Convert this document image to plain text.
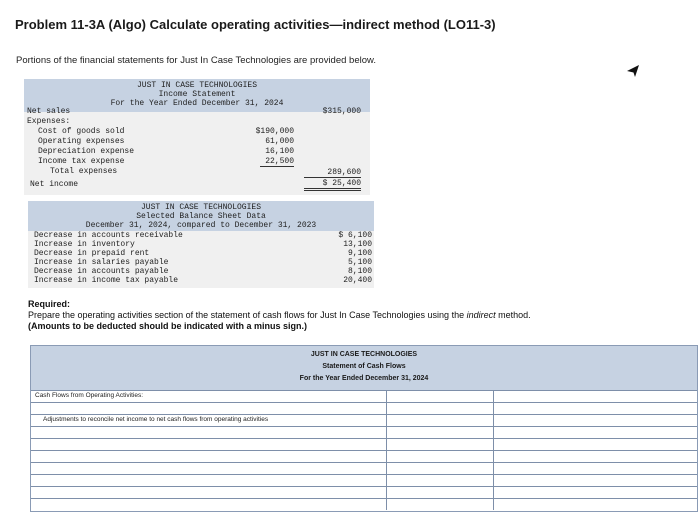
Problem 11-3A (Algo) Calculate operating activities—indirect method (LO11-3)
Portions of the financial statements for Just In Case Technologies are provided below.
JUST IN CASE TECHNOLOGIES
Income Statement
For the Year Ended December 31, 2024
Net sales	$315,000
Expenses:
Cost of goods sold	$190,000
Operating expenses	61,000
Depreciation expense	16,100
Income tax expense	22,500
Total expenses	289,600
Net income	$ 25,400
JUST IN CASE TECHNOLOGIES
Selected Balance Sheet Data
December 31, 2024, compared to December 31, 2023
Decrease in accounts receivable	$ 6,100
Increase in inventory	13,100
Decrease in prepaid rent	9,100
Increase in salaries payable	5,100
Decrease in accounts payable	8,100
Increase in income tax payable	20,400
Required:
Prepare the operating activities section of the statement of cash flows for Just In Case Technologies using the indirect method.
(Amounts to be deducted should be indicated with a minus sign.)
JUST IN CASE TECHNOLOGIES
Statement of Cash Flows
For the Year Ended December 31, 2024
Cash Flows from Operating Activities:
Adjustments to reconcile net income to net cash flows from operating activities
